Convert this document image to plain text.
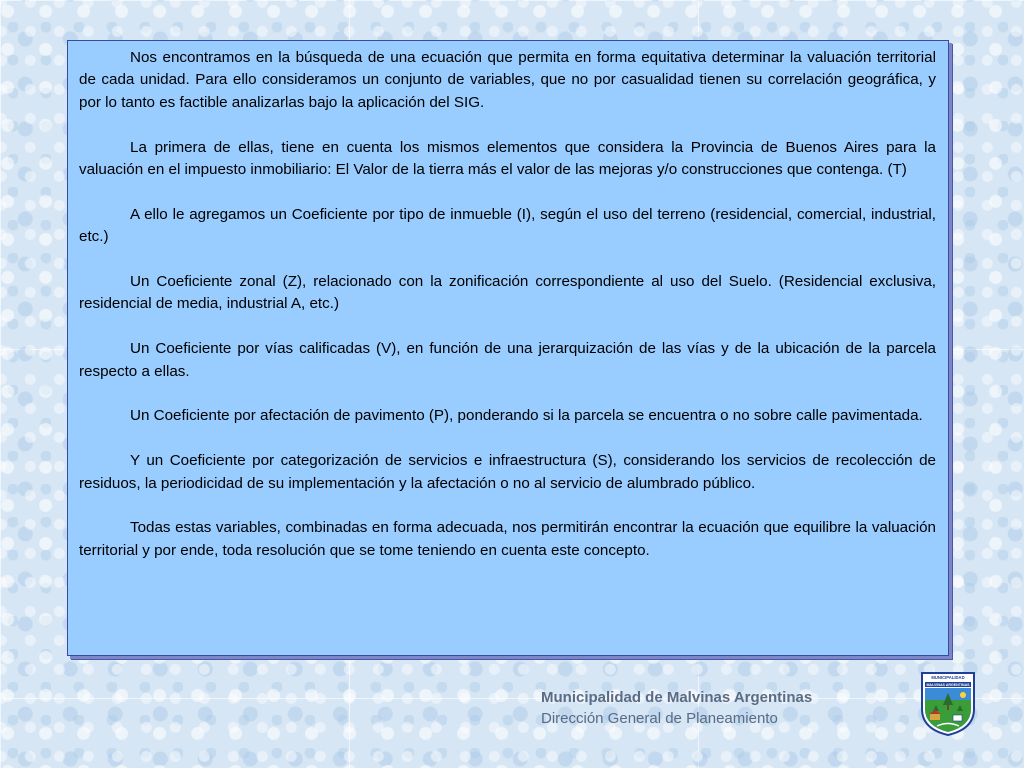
Nos encontramos en la búsqueda de una ecuación que permita en forma equitativa determinar la valuación territorial de cada unidad. Para ello consideramos un conjunto de variables, que no por casualidad tienen su correlación geográfica, y por lo tanto es factible analizarlas bajo la aplicación del SIG.

La primera de ellas, tiene en cuenta los mismos elementos que considera la Provincia de Buenos Aires para la valuación en el impuesto inmobiliario: El Valor de la tierra más el valor de las mejoras y/o construcciones que contenga. (T)

A ello le agregamos un Coeficiente por tipo de inmueble (I), según el uso del terreno (residencial, comercial, industrial, etc.)

Un Coeficiente zonal (Z), relacionado con la zonificación correspondiente al uso del Suelo. (Residencial exclusiva, residencial de media, industrial A, etc.)

Un Coeficiente por vías calificadas (V), en función de una jerarquización de las vías y de la ubicación de la parcela respecto a ellas.

Un Coeficiente por afectación de pavimento (P), ponderando si la parcela se encuentra o no sobre calle pavimentada.

Y un Coeficiente por categorización de servicios e infraestructura (S), considerando los servicios de recolección de residuos, la periodicidad de su implementación y la afectación o no al servicio de alumbrado público.

Todas estas variables, combinadas en forma adecuada, nos permitirán encontrar la ecuación que equilibre la valuación territorial y por ende, toda resolución que se tome teniendo en cuenta este concepto.

Municipalidad de Malvinas Argentinas
Dirección General de Planeamiento
MUNICIPALIDAD
MALVINAS ARGENTINAS
